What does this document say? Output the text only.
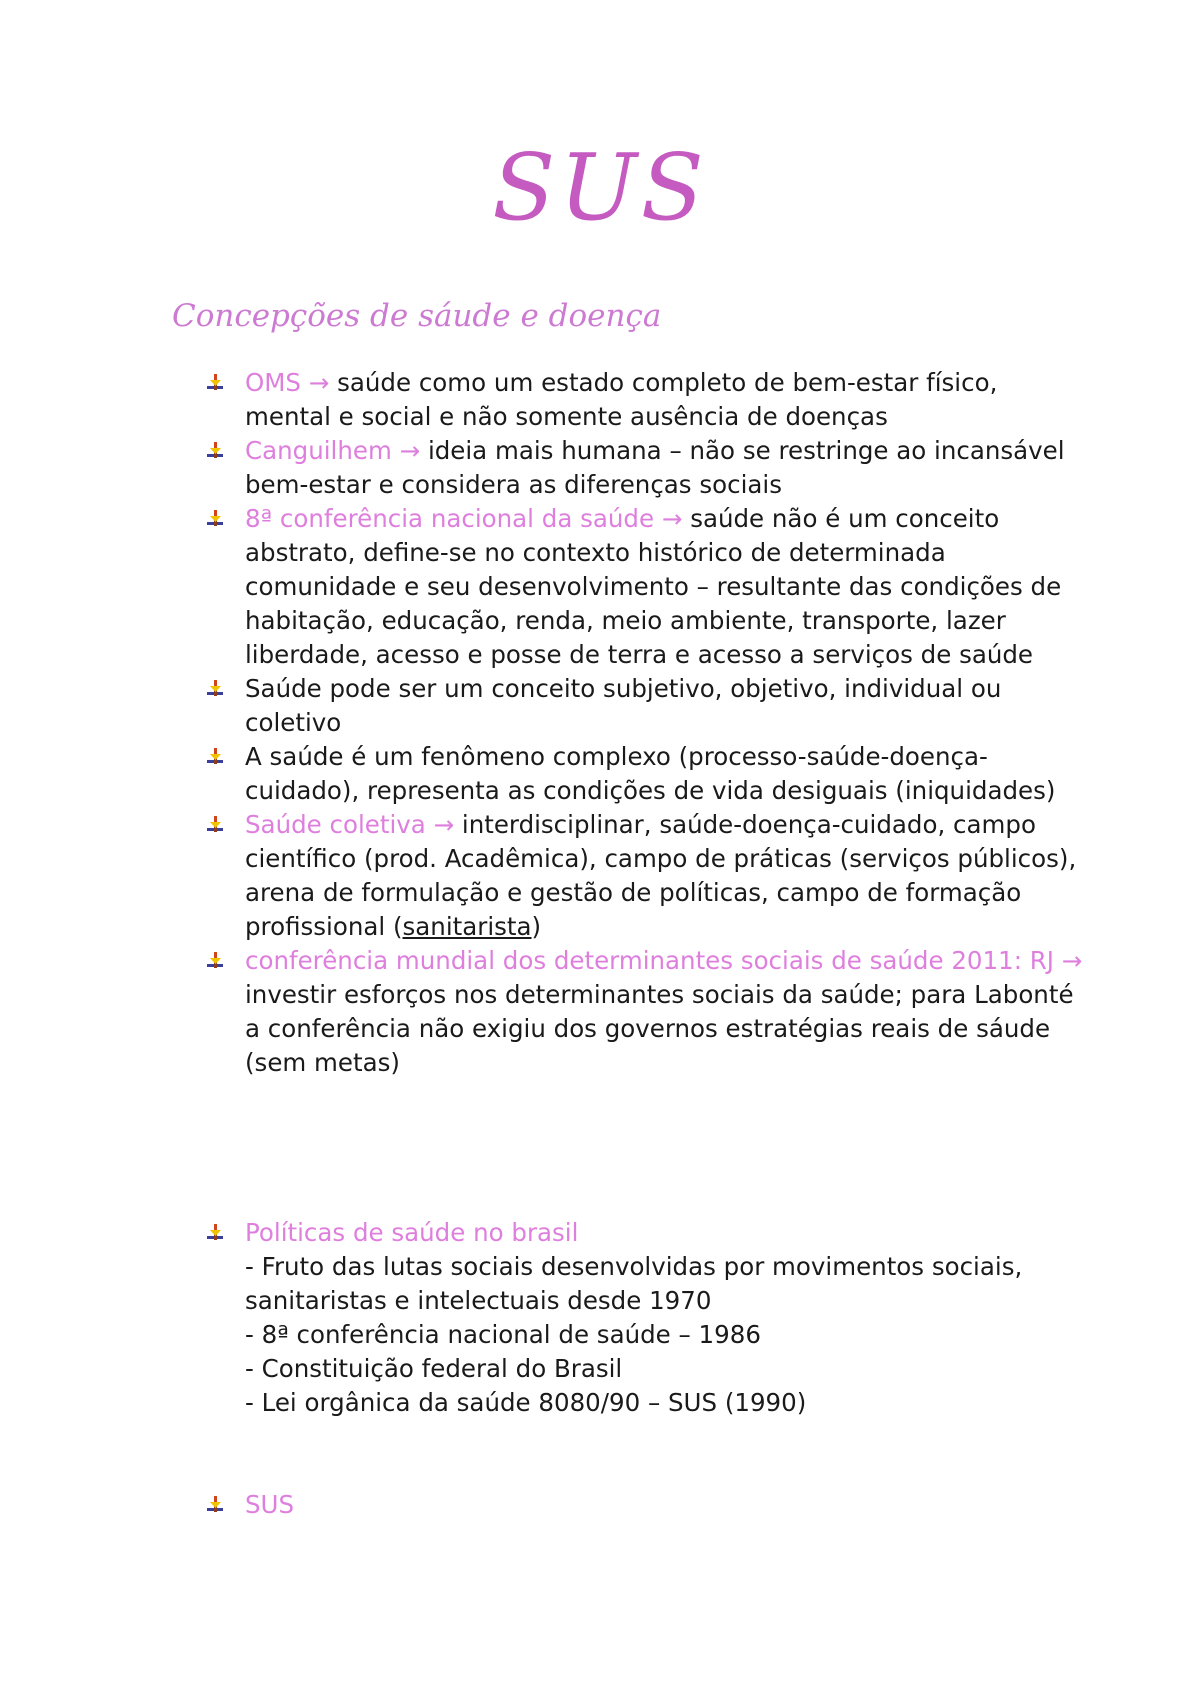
SUS
Concepções de sáude e doença

OMS → saúde como um estado completo de bem-estar físico, mental e social e não somente ausência de doenças

Canguilhem → ideia mais humana – não se restringe ao incansável bem-estar e considera as diferenças sociais

8ª conferência nacional da saúde → saúde não é um conceito abstrato, define-se no contexto histórico de determinada comunidade e seu desenvolvimento – resultante das condições de habitação, educação, renda, meio ambiente, transporte, lazer liberdade, acesso e posse de terra e acesso a serviços de saúde

Saúde pode ser um conceito subjetivo, objetivo, individual ou coletivo

A saúde é um fenômeno complexo (processo-saúde-doença-cuidado), representa as condições de vida desiguais (iniquidades)

Saúde coletiva → interdisciplinar, saúde-doença-cuidado, campo científico (prod. Acadêmica), campo de práticas (serviços públicos), arena de formulação e gestão de políticas, campo de formação profissional (sanitarista)

conferência mundial dos determinantes sociais de saúde 2011: RJ → investir esforços nos determinantes sociais da saúde; para Labonté a conferência não exigiu dos governos estratégias reais de sáude (sem metas)

Políticas de saúde no brasil
- Fruto das lutas sociais desenvolvidas por movimentos sociais, sanitaristas e intelectuais desde 1970
- 8ª conferência nacional de saúde – 1986
- Constituição federal do Brasil
- Lei orgânica da saúde 8080/90 – SUS (1990)

SUS
